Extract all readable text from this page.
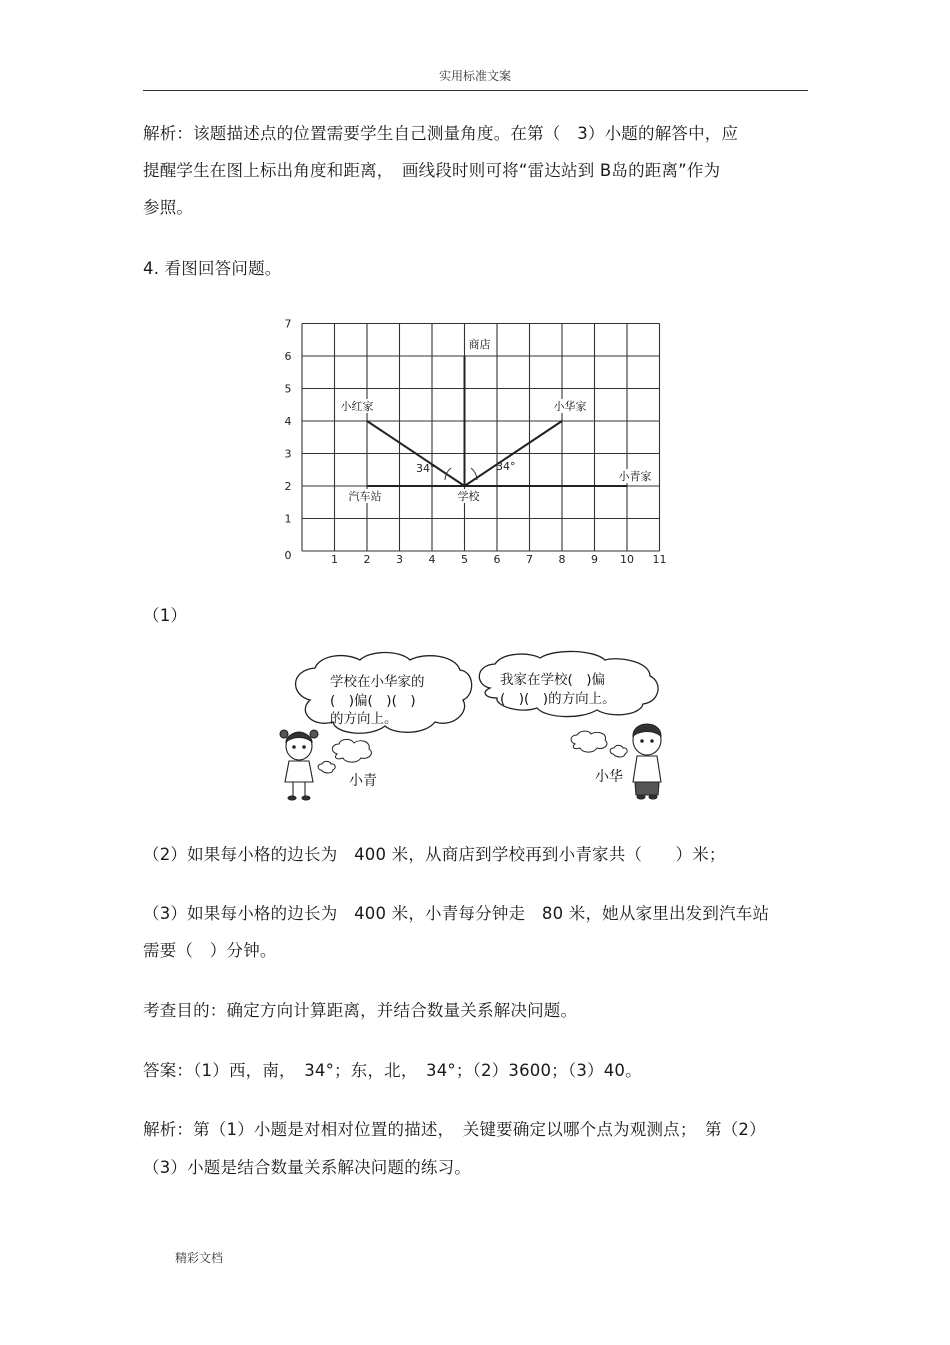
实用标准文案
解析：该题描述点的位置需要学生自己测量角度。在第（　3）小题的解答中，应
提醒学生在图上标出角度和距离，　画线段时则可将“雷达站到 B岛的距离”作为
参照。
4. 看图回答问题。
1 2 3 4 5 6 7 8 9 10 11
0
1
2
3
4
5
6
7
商店
小红家	小华家
汽车站	学校
小青家
34°	34°
（1）
学校在小华家的
(　)偏(　)(　)
的方向上。
我家在学校(　)偏
(　)(　)的方向上。
小青	小华
（2）如果每小格的边长为　400 米，从商店到学校再到小青家共（　　）米；
（3）如果每小格的边长为　400 米，小青每分钟走　80 米，她从家里出发到汽车站
需要（　）分钟。
考查目的：确定方向计算距离，并结合数量关系解决问题。
答案：（1）西，南，　34°；东，北，　34°；（2）3600；（3）40。
解析：第（1）小题是对相对位置的描述，　关键要确定以哪个点为观测点；　第（2）
（3）小题是结合数量关系解决问题的练习。
精彩文档
